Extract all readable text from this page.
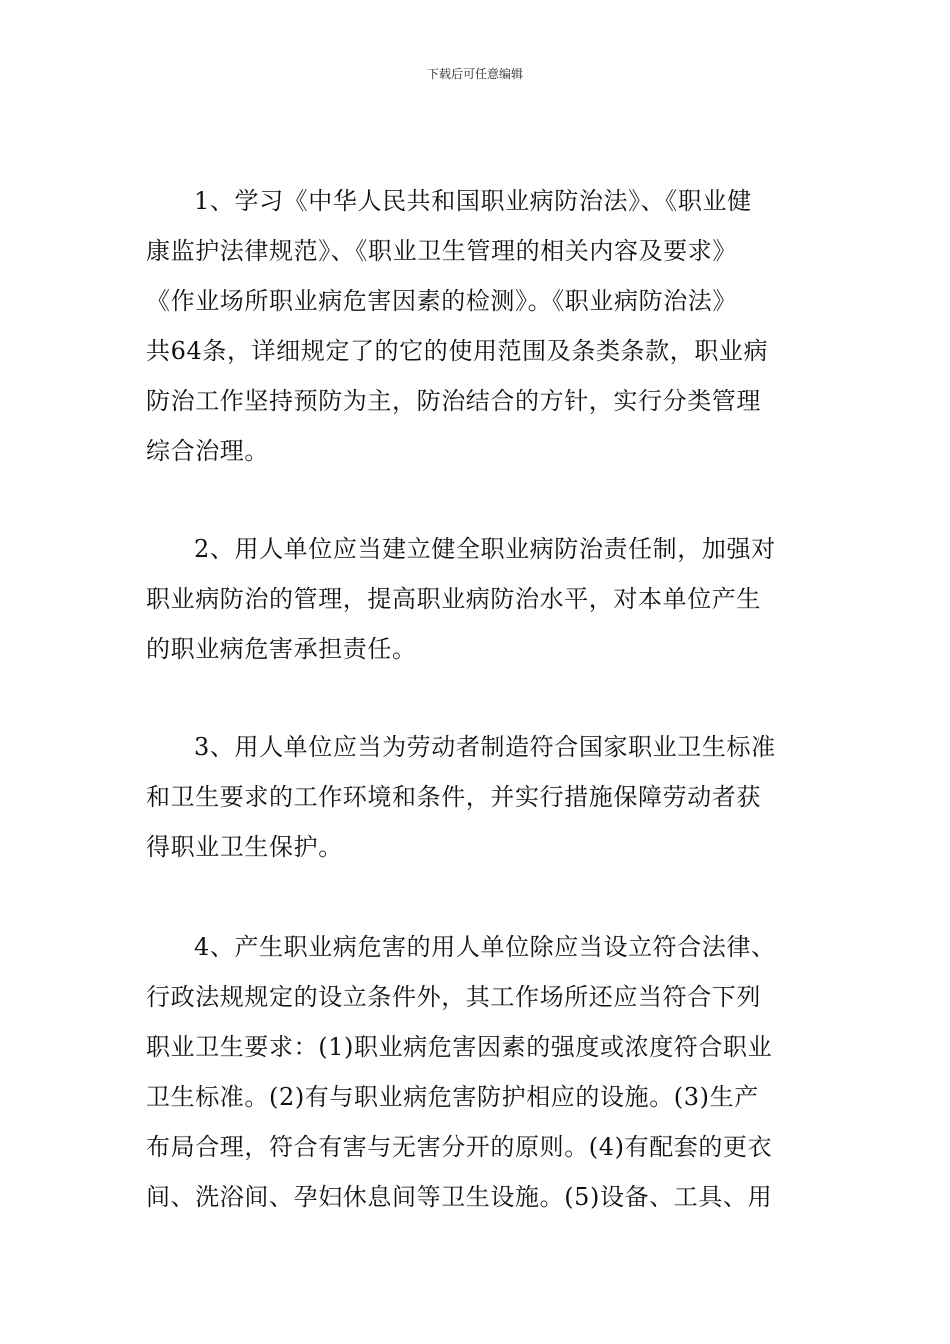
下载后可任意编辑
1、学习《中华人民共和国职业病防治法》、《职业健
康监护法律规范》、《职业卫生管理的相关内容及要求》
《作业场所职业病危害因素的检测》。《职业病防治法》
共64条，详细规定了的它的使用范围及条类条款，职业病
防治工作坚持预防为主，防治结合的方针，实行分类管理
综合治理。
2、用人单位应当建立健全职业病防治责任制，加强对
职业病防治的管理，提高职业病防治水平，对本单位产生
的职业病危害承担责任。
3、用人单位应当为劳动者制造符合国家职业卫生标准
和卫生要求的工作环境和条件，并实行措施保障劳动者获
得职业卫生保护。
4、产生职业病危害的用人单位除应当设立符合法律、
行政法规规定的设立条件外，其工作场所还应当符合下列
职业卫生要求：(1)职业病危害因素的强度或浓度符合职业
卫生标准。(2)有与职业病危害防护相应的设施。(3)生产
布局合理，符合有害与无害分开的原则。(4)有配套的更衣
间、洗浴间、孕妇休息间等卫生设施。(5)设备、工具、用
